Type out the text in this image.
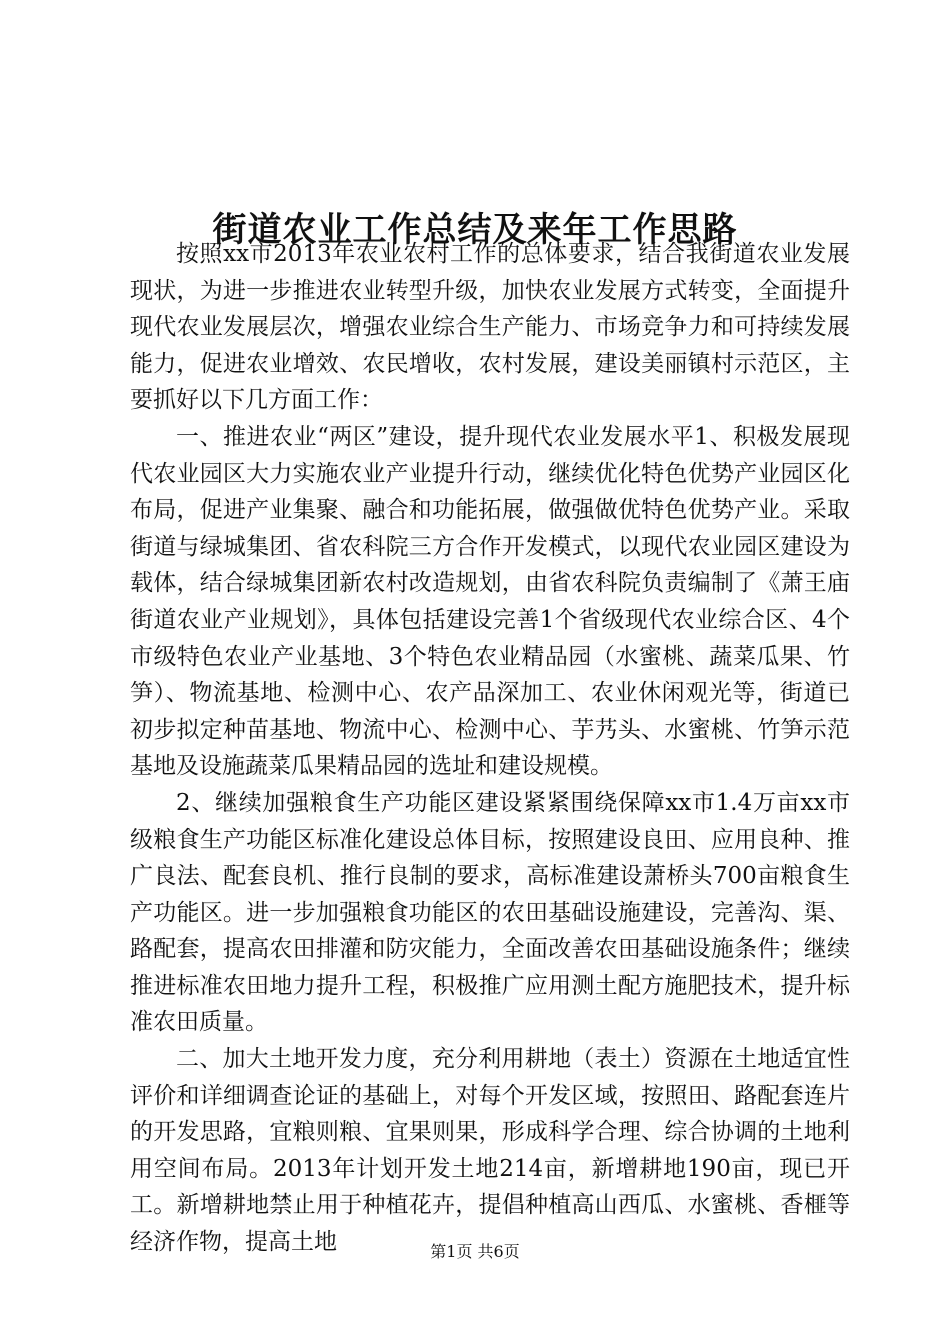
街道农业工作总结及来年工作思路

按照xx市2013年农业农村工作的总体要求，结合我街道农业发展现状，为进一步推进农业转型升级，加快农业发展方式转变，全面提升现代农业发展层次，增强农业综合生产能力、市场竞争力和可持续发展能力，促进农业增效、农民增收，农村发展，建设美丽镇村示范区，主要抓好以下几方面工作：

一、推进农业“两区”建设，提升现代农业发展水平1、积极发展现代农业园区大力实施农业产业提升行动，继续优化特色优势产业园区化布局，促进产业集聚、融合和功能拓展，做强做优特色优势产业。采取街道与绿城集团、省农科院三方合作开发模式，以现代农业园区建设为载体，结合绿城集团新农村改造规划，由省农科院负责编制了《萧王庙街道农业产业规划》，具体包括建设完善1个省级现代农业综合区、4个市级特色农业产业基地、3个特色农业精品园（水蜜桃、蔬菜瓜果、竹笋）、物流基地、检测中心、农产品深加工、农业休闲观光等，街道已初步拟定种苗基地、物流中心、检测中心、芋艿头、水蜜桃、竹笋示范基地及设施蔬菜瓜果精品园的选址和建设规模。

2、继续加强粮食生产功能区建设紧紧围绕保障xx市1.4万亩xx市级粮食生产功能区标准化建设总体目标，按照建设良田、应用良种、推广良法、配套良机、推行良制的要求，高标准建设萧桥头700亩粮食生产功能区。进一步加强粮食功能区的农田基础设施建设，完善沟、渠、路配套，提高农田排灌和防灾能力，全面改善农田基础设施条件；继续推进标准农田地力提升工程，积极推广应用测土配方施肥技术，提升标准农田质量。

二、加大土地开发力度，充分利用耕地（表土）资源在土地适宜性评价和详细调查论证的基础上，对每个开发区域，按照田、路配套连片的开发思路，宜粮则粮、宜果则果，形成科学合理、综合协调的土地利用空间布局。2013年计划开发土地214亩，新增耕地190亩，现已开工。新增耕地禁止用于种植花卉，提倡种植高山西瓜、水蜜桃、香榧等经济作物，提高土地	第1页 共6页
